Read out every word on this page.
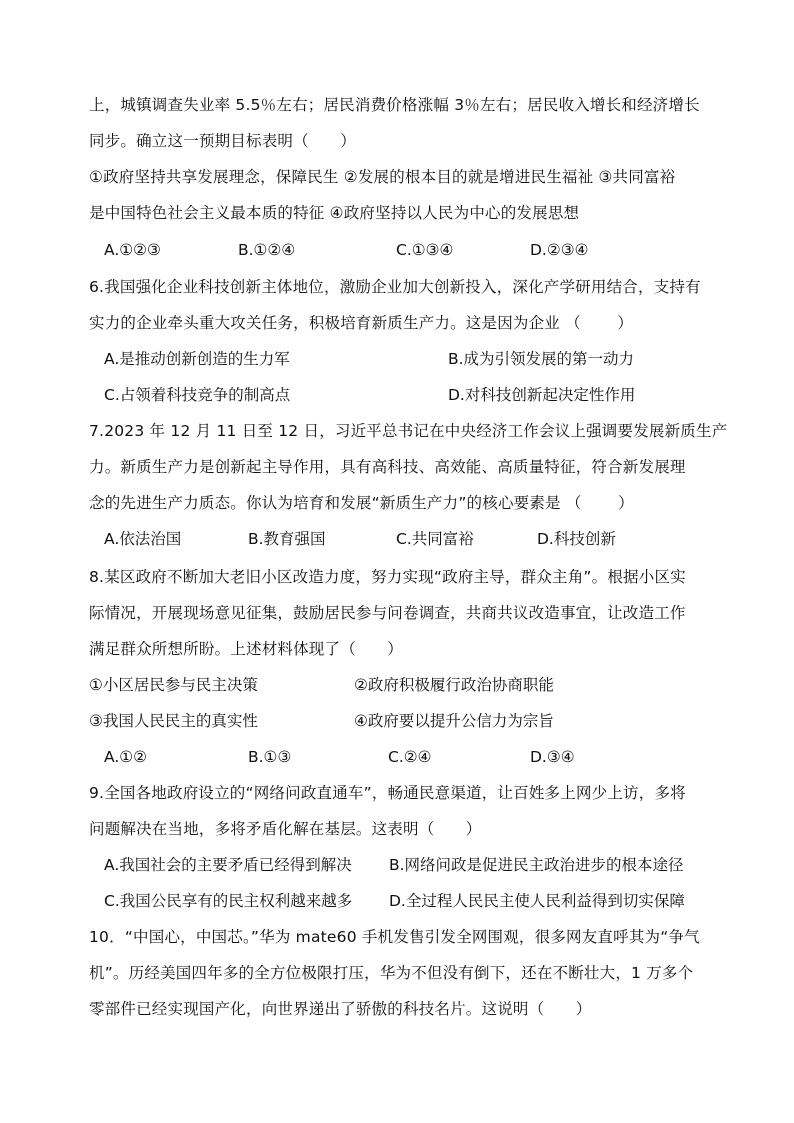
上，城镇调查失业率 5.5％左右；居民消费价格涨幅 3％左右；居民收入增长和经济增长
同步。确立这一预期目标表明（　　）
①政府坚持共享发展理念，保障民生 ②发展的根本目的就是增进民生福祉 ③共同富裕
是中国特色社会主义最本质的特征 ④政府坚持以人民为中心的发展思想
A.①②③	B.①②④	C.①③④	D.②③④
6.我国强化企业科技创新主体地位，激励企业加大创新投入，深化产学研用结合，支持有
实力的企业牵头重大攻关任务，积极培育新质生产力。这是因为企业 （　　 ）
A.是推动创新创造的生力军	B.成为引领发展的第一动力
C.占领着科技竞争的制高点	D.对科技创新起决定性作用
7.2023 年 12 月 11 日至 12 日，习近平总书记在中央经济工作会议上强调要发展新质生产
力。新质生产力是创新起主导作用，具有高科技、高效能、高质量特征，符合新发展理
念的先进生产力质态。你认为培育和发展“新质生产力”的核心要素是 （　　 ）
A.依法治国	B.教育强国	C.共同富裕	D.科技创新
8.某区政府不断加大老旧小区改造力度，努力实现“政府主导，群众主角”。根据小区实
际情况，开展现场意见征集，鼓励居民参与问卷调查，共商共议改造事宜，让改造工作
满足群众所想所盼。上述材料体现了（　　）
①小区居民参与民主决策	②政府积极履行政治协商职能
③我国人民民主的真实性	④政府要以提升公信力为宗旨
A.①②	B.①③	C.②④	D.③④
9.全国各地政府设立的“网络问政直通车”，畅通民意渠道，让百姓多上网少上访，多将
问题解决在当地，多将矛盾化解在基层。这表明（　　）
A.我国社会的主要矛盾已经得到解决 B.网络问政是促进民主政治进步的根本途径
C.我国公民享有的民主权利越来越多 D.全过程人民民主使人民利益得到切实保障
10．“中国心，中国芯。”华为 mate60 手机发售引发全网围观，很多网友直呼其为“争气
机”。历经美国四年多的全方位极限打压，华为不但没有倒下，还在不断壮大，1 万多个
零部件已经实现国产化，向世界递出了骄傲的科技名片。这说明（　　）
